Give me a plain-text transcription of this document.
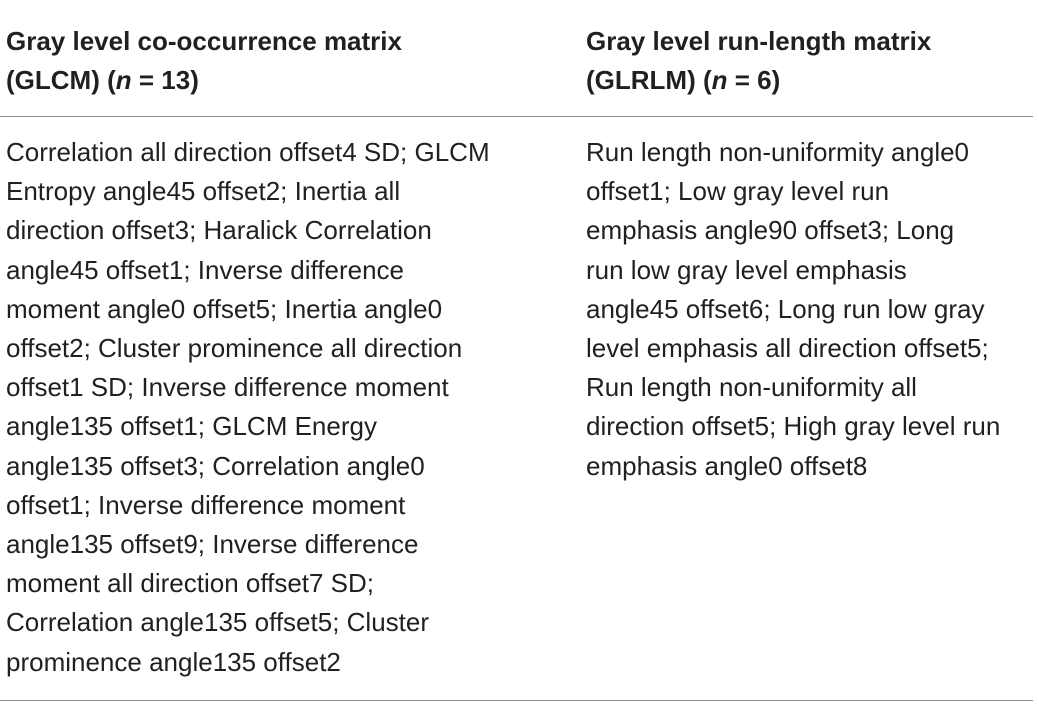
Gray level co-occurrence matrix
(GLCM) (n = 13)
Gray level run-length matrix
(GLRLM) (n = 6)
Correlation all direction offset4 SD; GLCM
Entropy angle45 offset2; Inertia all
direction offset3; Haralick Correlation
angle45 offset1; Inverse difference
moment angle0 offset5; Inertia angle0
offset2; Cluster prominence all direction
offset1 SD; Inverse difference moment
angle135 offset1; GLCM Energy
angle135 offset3; Correlation angle0
offset1; Inverse difference moment
angle135 offset9; Inverse difference
moment all direction offset7 SD;
Correlation angle135 offset5; Cluster
prominence angle135 offset2
Run length non-uniformity angle0
offset1; Low gray level run
emphasis angle90 offset3; Long
run low gray level emphasis
angle45 offset6; Long run low gray
level emphasis all direction offset5;
Run length non-uniformity all
direction offset5; High gray level run
emphasis angle0 offset8
